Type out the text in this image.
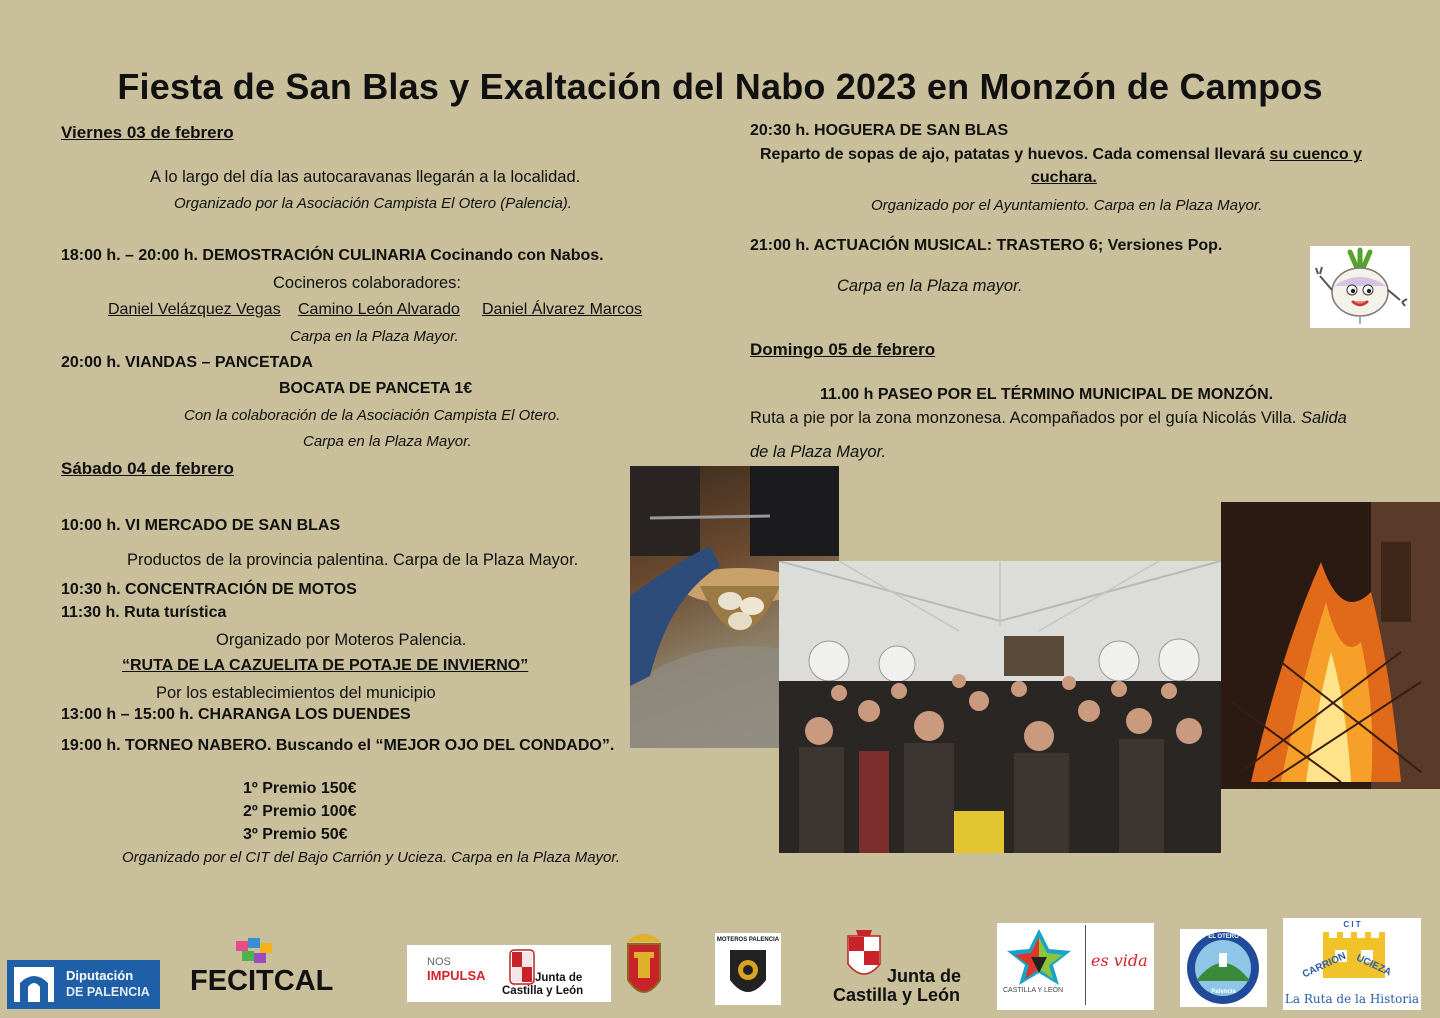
Fiesta de San Blas y Exaltación del Nabo 2023 en Monzón de Campos
Viernes 03 de febrero
A lo largo del día las autocaravanas llegarán a la localidad.
Organizado por la Asociación Campista El Otero (Palencia).
18:00 h. – 20:00 h. DEMOSTRACIÓN CULINARIA Cocinando con Nabos.
Cocineros colaboradores:
Daniel Velázquez Vegas Camino León Alvarado Daniel Álvarez Marcos
Carpa en la Plaza Mayor.
20:00 h. VIANDAS – PANCETADA
BOCATA DE PANCETA 1€
Con la colaboración de la Asociación Campista El Otero.
Carpa en la Plaza Mayor.
Sábado 04 de febrero
10:00 h. VI MERCADO DE SAN BLAS
Productos de la provincia palentina. Carpa de la Plaza Mayor.
10:30 h. CONCENTRACIÓN DE MOTOS
11:30 h. Ruta turística
Organizado por Moteros Palencia.
“RUTA DE LA CAZUELITA DE POTAJE DE INVIERNO”
Por los establecimientos del municipio
13:00 h – 15:00 h. CHARANGA LOS DUENDES
19:00 h. TORNEO NABERO. Buscando el “MEJOR OJO DEL CONDADO”.
1º Premio 150€
2º Premio 100€
3º Premio 50€
Organizado por el CIT del Bajo Carrión y Ucieza. Carpa en la Plaza Mayor.
20:30 h. HOGUERA DE SAN BLAS
Reparto de sopas de ajo, patatas y huevos. Cada comensal llevará su cuenco y
cuchara.
Organizado por el Ayuntamiento. Carpa en la Plaza Mayor.
21:00 h. ACTUACIÓN MUSICAL: TRASTERO 6; Versiones Pop.
Carpa en la Plaza mayor.
Domingo 05 de febrero
11.00 h PASEO POR EL TÉRMINO MUNICIPAL DE MONZÓN.
Ruta a pie por la zona monzonesa. Acompañados por el guía Nicolás Villa. Salida
de la Plaza Mayor.
Diputación
DE PALENCIA FECITCAL
NOS
IMPULSA	Junta de
Castilla y León
MOTEROS PALENCIA
Junta de
Castilla y León	CASTILLA Y LEÓN
es vida
EL OTERO
Palencia
C I T
CARRION UCIEZA
La Ruta de la Historia
